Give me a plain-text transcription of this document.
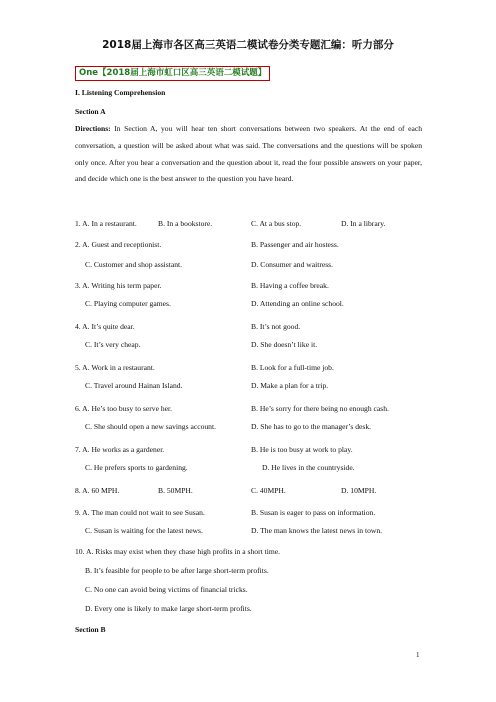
2018届上海市各区高三英语二模试卷分类专题汇编：听力部分
One【2018届上海市虹口区高三英语二模试题】
I. Listening Comprehension
Section A
Directions: In Section A, you will hear ten short conversations between two speakers. At the end of each conversation, a question will be asked about what was said. The conversations and the questions will be spoken only once. After you hear a conversation and the question about it, read the four possible answers on your paper, and decide which one is the best answer to the question you have heard.
1. A. In a restaurant.	B. In a bookstore.	C. At a bus stop.	D. In a library.
2. A. Guest and receptionist.	B. Passenger and air hostess.
C. Customer and shop assistant.	D. Consumer and waitress.
3. A. Writing his term paper.	B. Having a coffee break.
C. Playing computer games.	D. Attending an online school.
4. A. It’s quite dear.	B. It’s not good.
C. It’s very cheap.	D. She doesn’t like it.
5. A. Work in a restaurant.	B. Look for a full-time job.
C. Travel around Hainan Island.	D. Make a plan for a trip.
6. A. He’s too busy to serve her.	B. He’s sorry for there being no enough cash.
C. She should open a new savings account.	D. She has to go to the manager’s desk.
7. A. He works as a gardener.	B. He is too busy at work to play.
C. He prefers sports to gardening.	D. He lives in the countryside.
8. A. 60 MPH.	B. 50MPH.	C. 40MPH.	D. 10MPH.
9. A. The man could not wait to see Susan.	B. Susan is eager to pass on information.
C. Susan is waiting for the latest news.	D. The man knows the latest news in town.
10. A. Risks may exist when they chase high profits in a short time.
B. It’s feasible for people to be after large short-term profits.
C. No one can avoid being victims of financial tricks.
D. Every one is likely to make large short-term profits.
Section B
1
